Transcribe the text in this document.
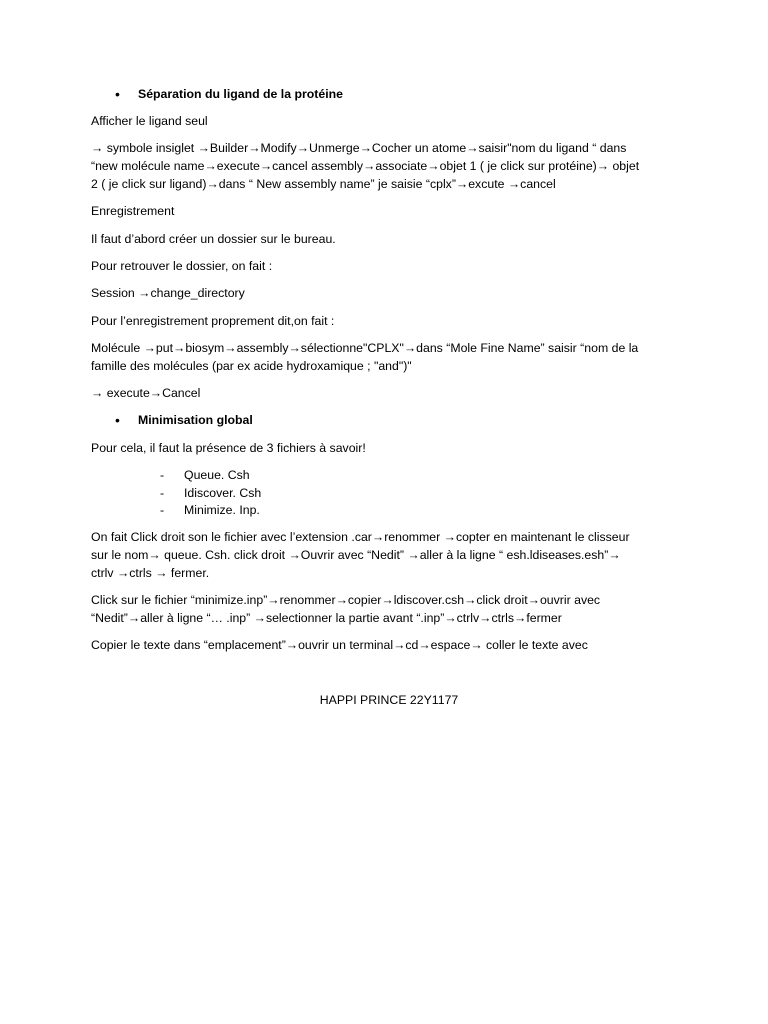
•	Séparation du ligand de la protéine
Afficher le ligand seul
→ symbole insiglet →Builder→Modify→Unmerge→Cocher un atome→saisir"nom du ligand “ dans
“new molécule name→execute→cancel assembly→associate→objet 1 ( je click sur protéine)→ objet
2 ( je click sur ligand)→dans “ New assembly name” je saisie “cplx”→excute →cancel
Enregistrement
Il faut d’abord créer un dossier sur le bureau.
Pour retrouver le dossier, on fait :
Session →change_directory
Pour l’enregistrement proprement dit,on fait :
Molécule →put→biosym→assembly→sélectionne"CPLX"→dans “Mole Fine Name” saisir “nom de la
famille des molécules (par ex acide hydroxamique ; "and")"
→ execute→Cancel
•	Minimisation global
Pour cela, il faut la présence de 3 fichiers à savoir!
- Queue. Csh
- Idiscover. Csh
- Minimize. Inp.
On fait Click droit son le fichier avec l’extension .car→renommer →copter en maintenant le clisseur
sur le nom→ queue. Csh. click droit →Ouvrir avec “Nedit” →aller à la ligne “ esh.ldiseases.esh”→
ctrlv →ctrls → fermer.
Click sur le fichier “minimize.inp”→renommer→copier→ldiscover.csh→click droit→ouvrir avec
“Nedit”→aller à ligne “… .inp” →selectionner la partie avant “.inp”→ctrlv→ctrls→fermer
Copier le texte dans “emplacement”→ouvrir un terminal→cd→espace→ coller le texte avec
HAPPI PRINCE 22Y1177
